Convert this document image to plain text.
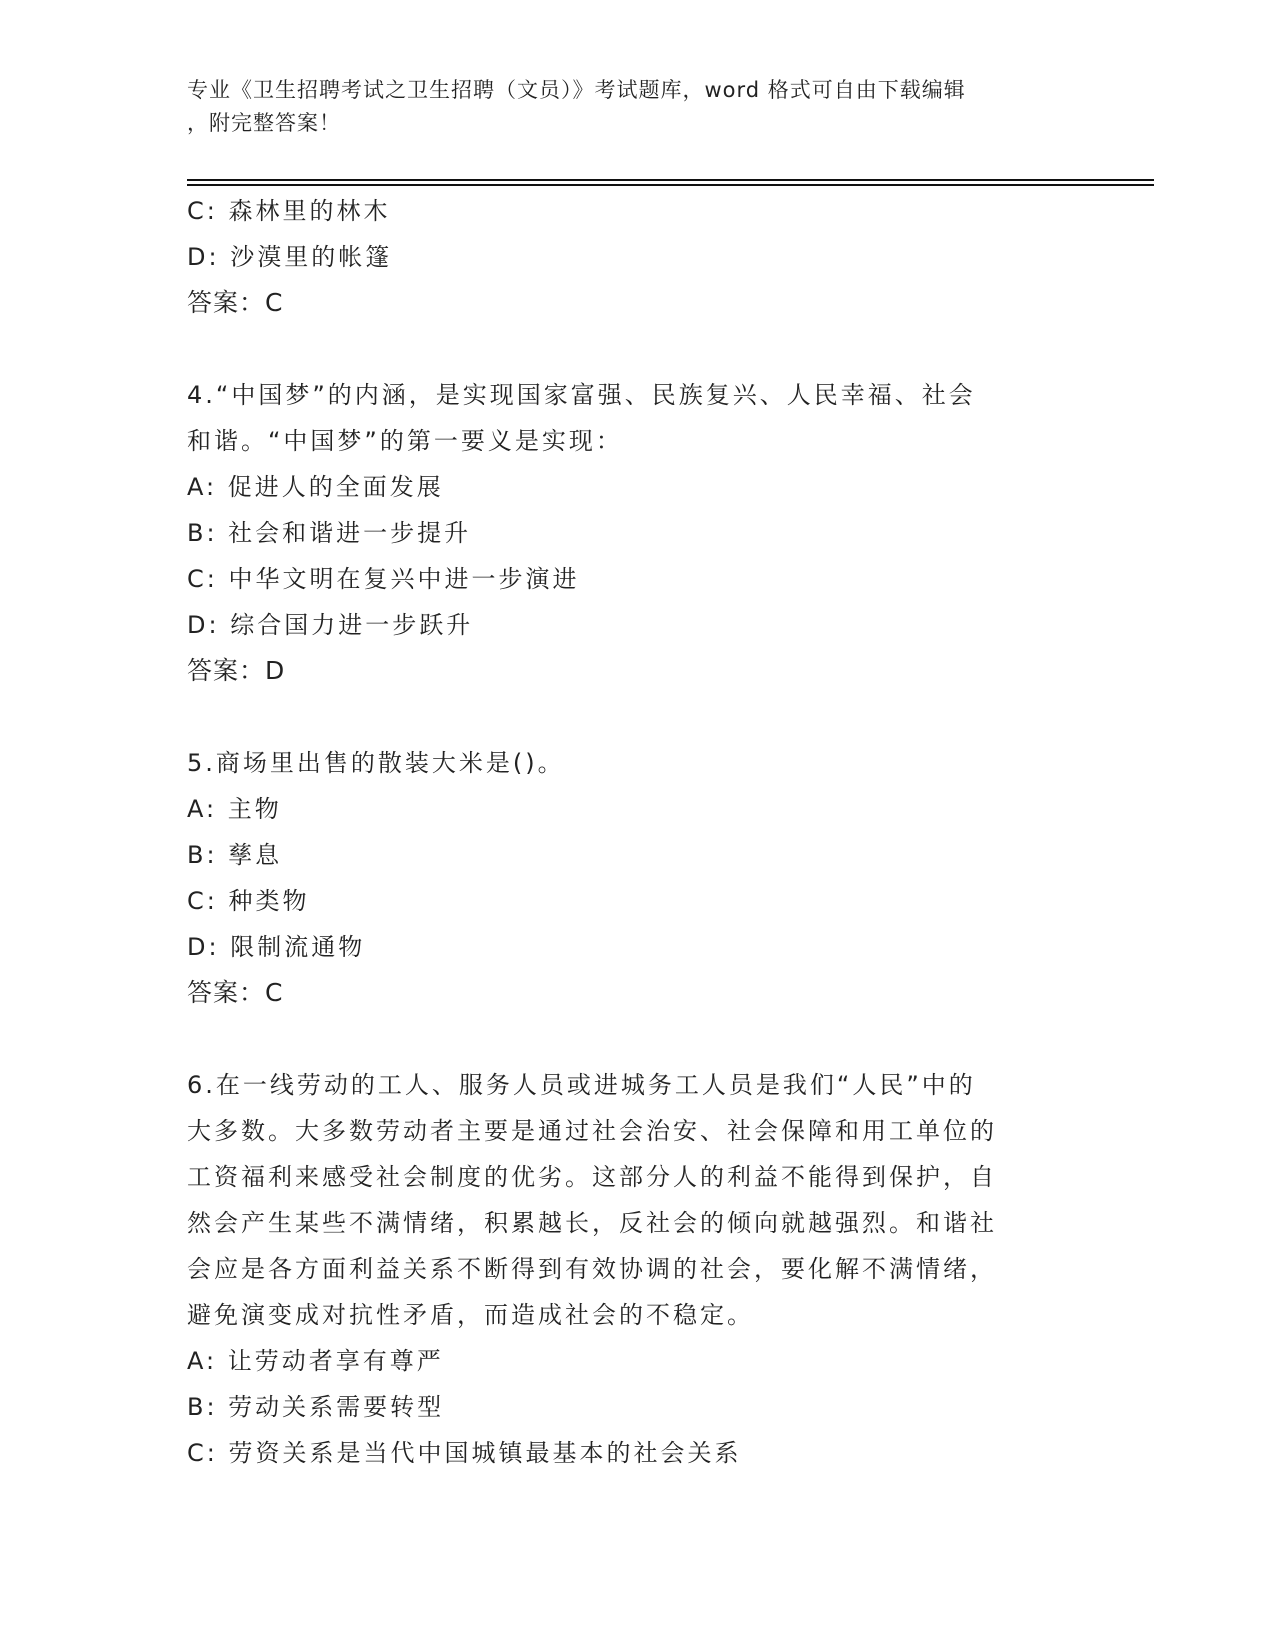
专业《卫生招聘考试之卫生招聘（文员）》考试题库，word 格式可自由下载编辑
，附完整答案！
C: 森林里的林木
D: 沙漠里的帐篷
答案：C
4.“中国梦”的内涵，是实现国家富强、民族复兴、人民幸福、社会
和谐。“中国梦”的第一要义是实现：
A: 促进人的全面发展
B: 社会和谐进一步提升
C: 中华文明在复兴中进一步演进
D: 综合国力进一步跃升
答案：D
5.商场里出售的散装大米是()。
A: 主物
B: 孳息
C: 种类物
D: 限制流通物
答案：C
6.在一线劳动的工人、服务人员或进城务工人员是我们“人民”中的
大多数。大多数劳动者主要是通过社会治安、社会保障和用工单位的
工资福利来感受社会制度的优劣。这部分人的利益不能得到保护，自
然会产生某些不满情绪，积累越长，反社会的倾向就越强烈。和谐社
会应是各方面利益关系不断得到有效协调的社会，要化解不满情绪，
避免演变成对抗性矛盾，而造成社会的不稳定。
A: 让劳动者享有尊严
B: 劳动关系需要转型
C: 劳资关系是当代中国城镇最基本的社会关系
